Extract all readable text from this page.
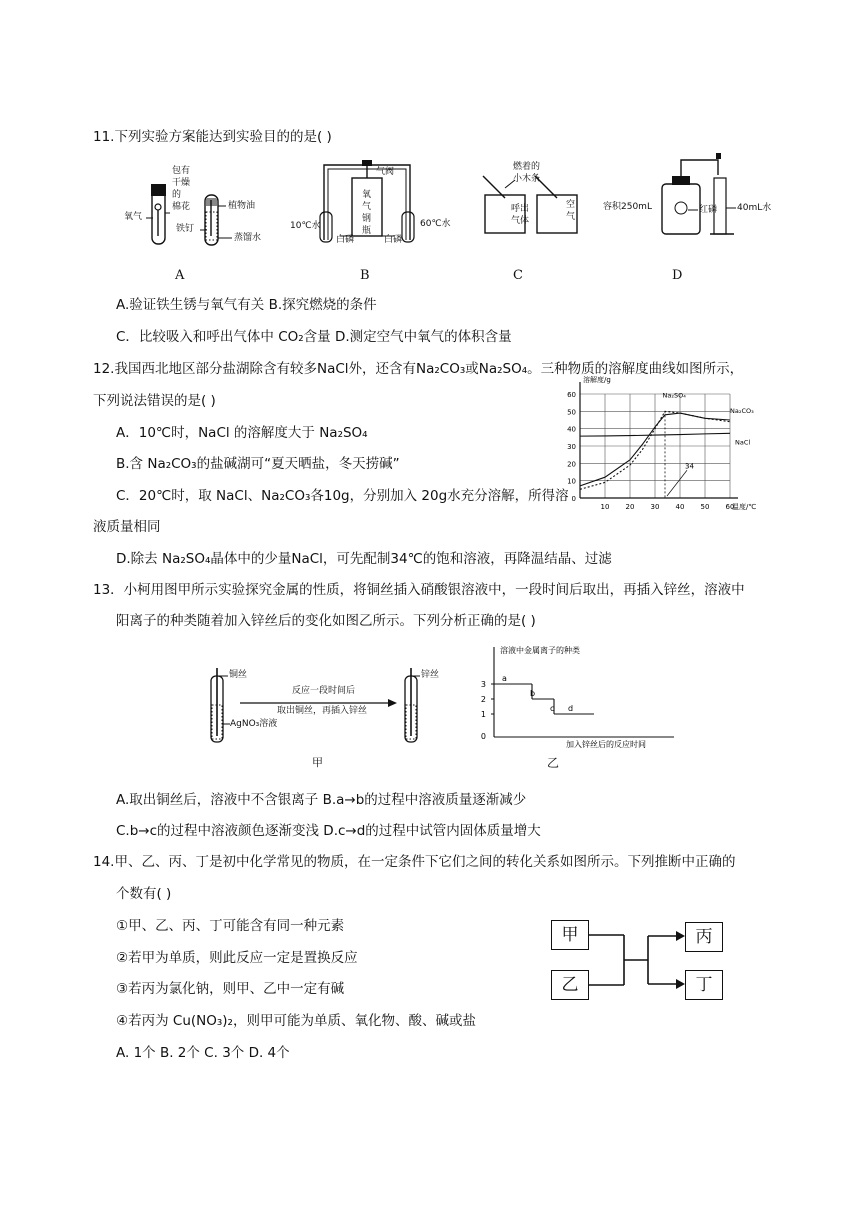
11.下列实验方案能达到实验目的的是( )
包有
干燥
的
棉花
氧气
植物油
铁钉
蒸馏水
A
气阀
氧
气
钢
瓶
10℃水	60℃水
白磷	白磷
B
燃着的
小木条
呼出
气体
空
气
C
容积250mL	红磷 40mL水
D
A.验证铁生锈与氧气有关 B.探究燃烧的条件
C．比较吸入和呼出气体中 CO₂含量 D.测定空气中氧气的体积含量
12.我国西北地区部分盐湖除含有较多NaCl外，还含有Na₂CO₃或Na₂SO₄。三种物质的溶解度曲线如图所示，
下列说法错误的是( )
A．10℃时，NaCl 的溶解度大于 Na₂SO₄
B.含 Na₂CO₃的盐碱湖可“夏天晒盐，冬天捞碱”
C．20℃时，取 NaCl、Na₂CO₃各10g，分别加入 20g水充分溶解，所得溶
液质量相同
D.除去 Na₂SO₄晶体中的少量NaCl，可先配制34℃的饱和溶液，再降温结晶、过滤
10 20 30 40 50 60
0
10
20
30
40
50
60
溶解度/g
温度/℃
Na₂SO₄
Na₂CO₃
NaCl
34
13．小柯用图甲所示实验探究金属的性质，将铜丝插入硝酸银溶液中，一段时间后取出，再插入锌丝，溶液中
阳离子的种类随着加入锌丝后的变化如图乙所示。下列分析正确的是( )
铜丝	锌丝
反应一段时间后
取出铜丝，再插入锌丝
AgNO₃溶液
甲
溶液中金属离子的种类
加入锌丝后的反应时间
0
1
2
3
a
b
c d
乙
A.取出铜丝后，溶液中不含银离子 B.a→b的过程中溶液质量逐渐减少
C.b→c的过程中溶液颜色逐渐变浅 D.c→d的过程中试管内固体质量增大
14.甲、乙、丙、丁是初中化学常见的物质，在一定条件下它们之间的转化关系如图所示。下列推断中正确的
个数有( )
①甲、乙、丙、丁可能含有同一种元素
②若甲为单质，则此反应一定是置换反应
③若丙为氯化钠，则甲、乙中一定有碱
④若丙为 Cu(NO₃)₂，则甲可能为单质、氧化物、酸、碱或盐
A. 1个 B. 2个 C. 3个 D. 4个
甲
乙
丙
丁
